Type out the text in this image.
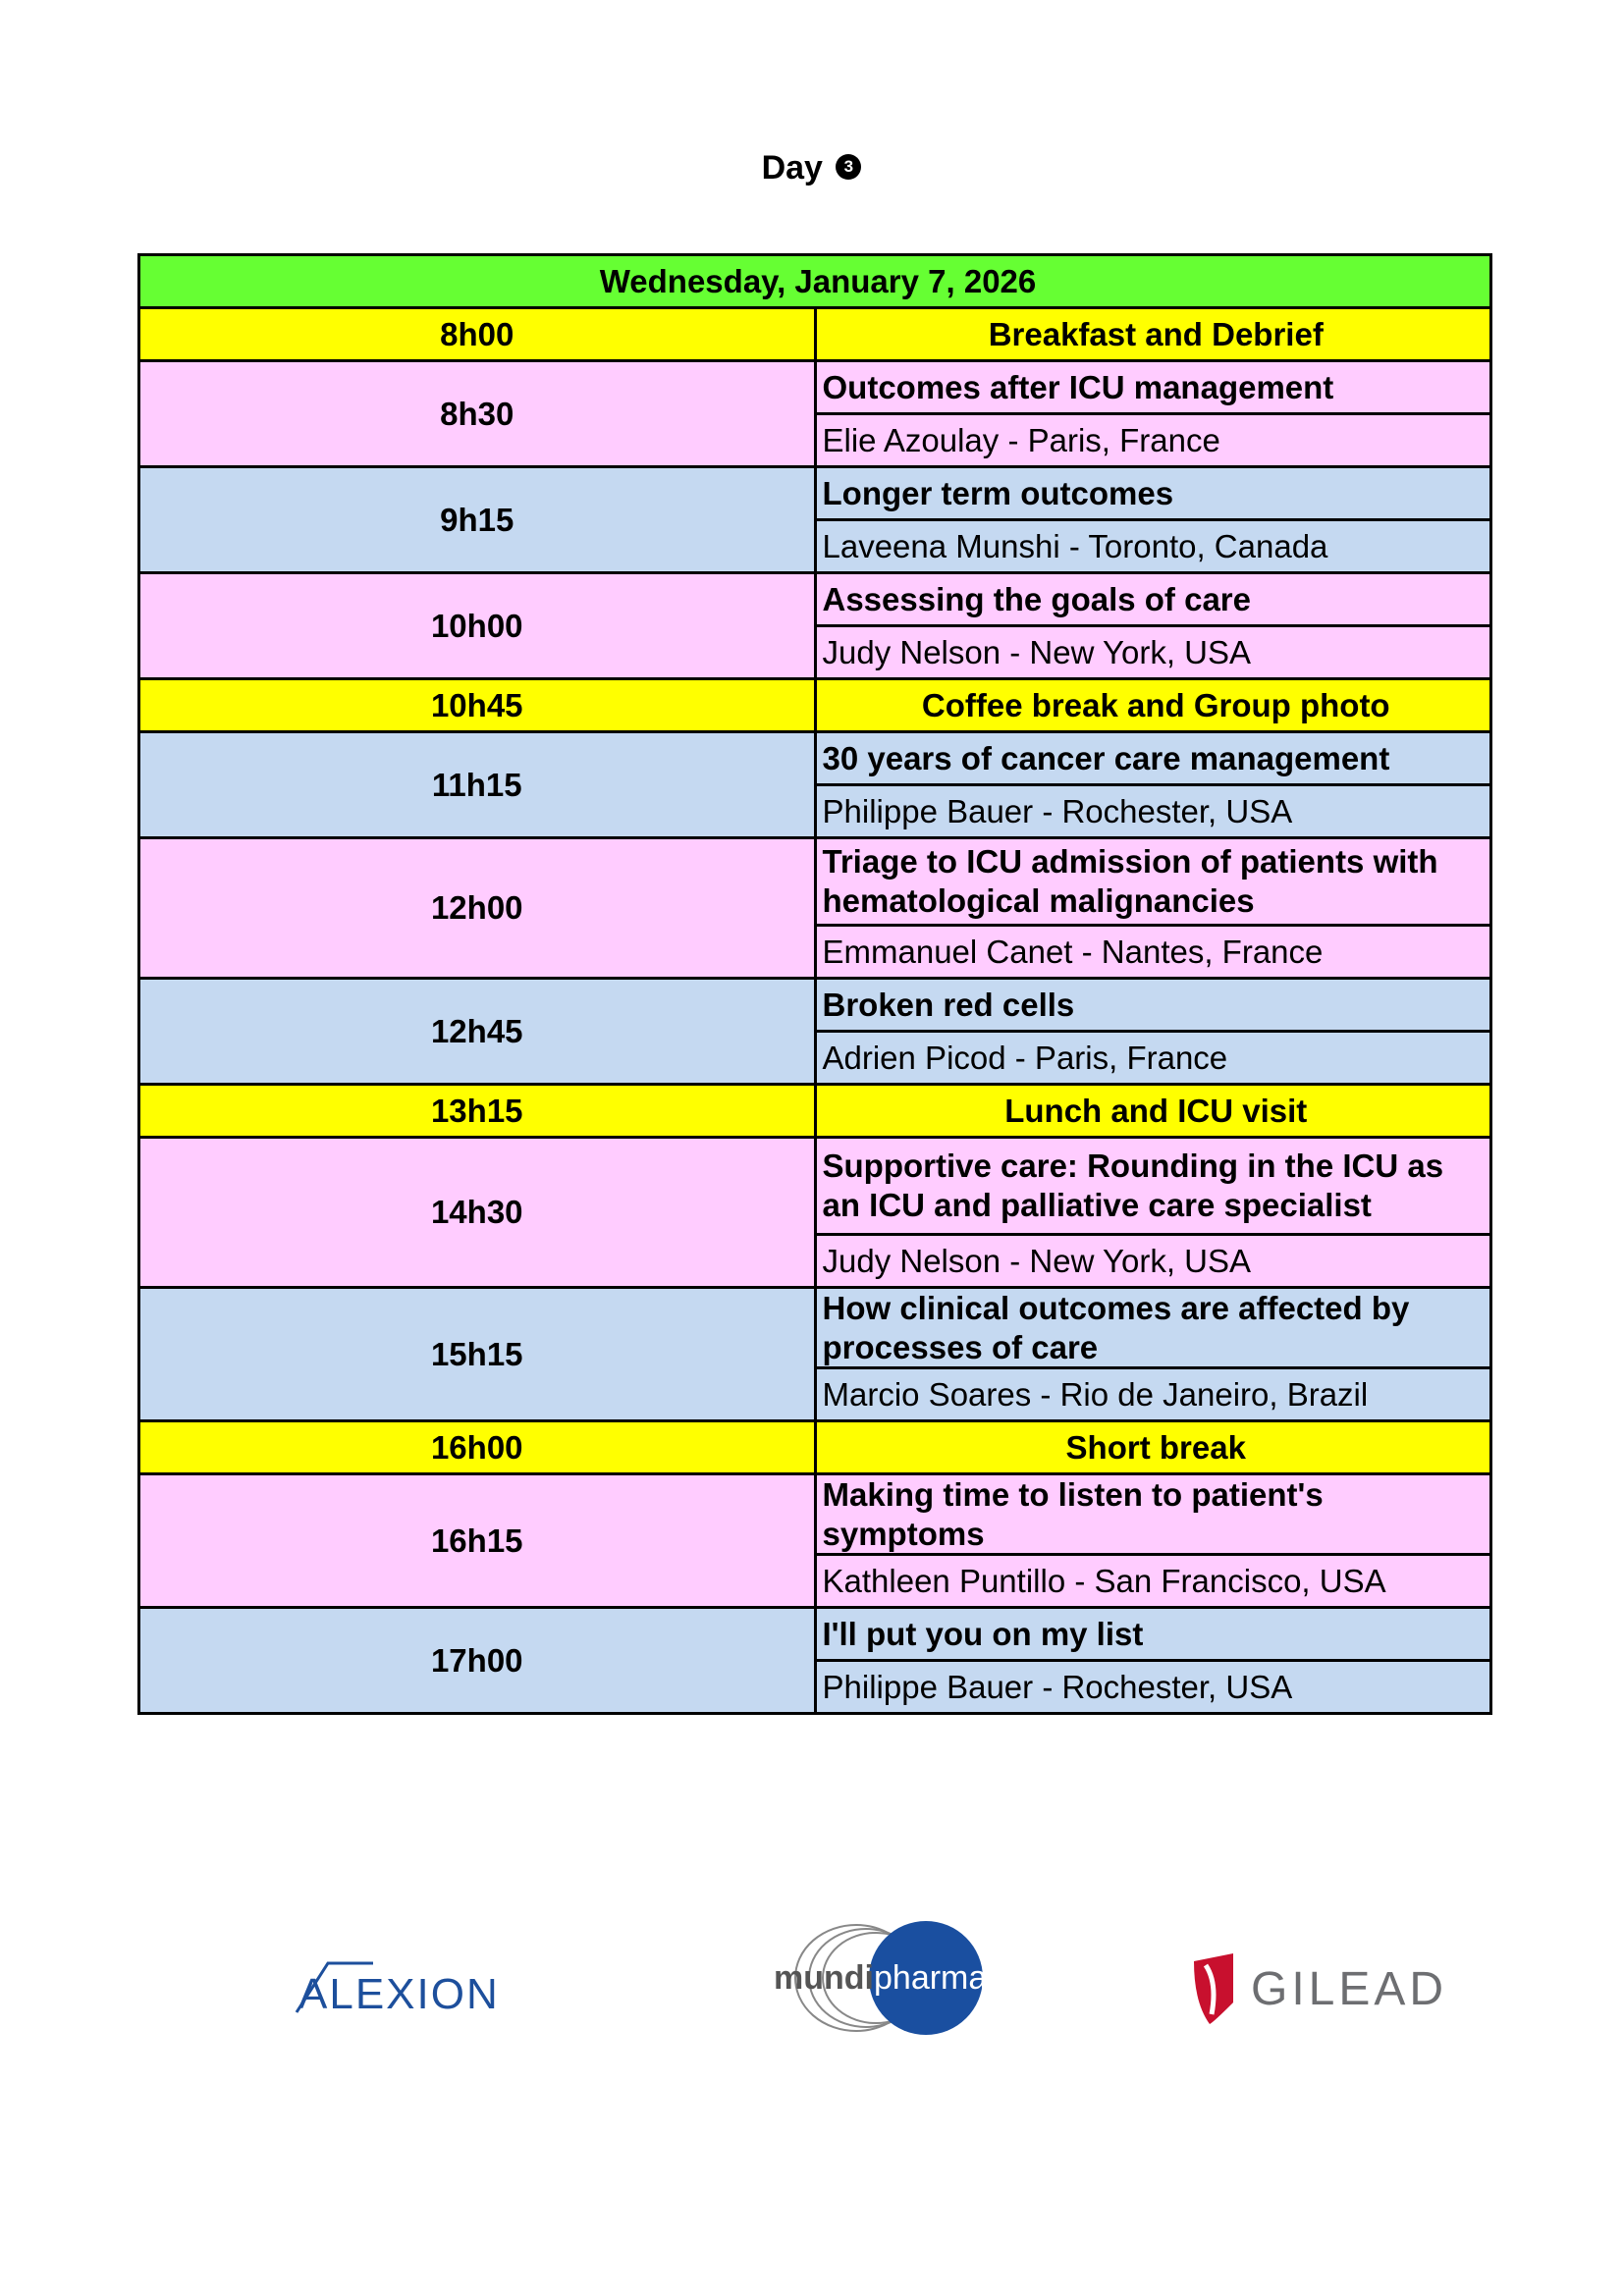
Day 3
Wednesday, January 7, 2026	
8h00	Breakfast and Debrief
8h30	Outcomes after ICU management
	Elie Azoulay - Paris, France
9h15	Longer term outcomes
	Laveena Munshi - Toronto, Canada
10h00	Assessing the goals of care
	Judy Nelson - New York, USA
10h45	Coffee break and Group photo
11h15	30 years of cancer care management
	Philippe Bauer - Rochester, USA
12h00	Triage to ICU admission of patients with hematological malignancies
	Emmanuel Canet - Nantes, France
12h45	Broken red cells
	Adrien Picod - Paris, France
13h15	Lunch and ICU visit
14h30	Supportive care: Rounding in the ICU as an ICU and palliative care specialist
	Judy Nelson - New York, USA
15h15	How clinical outcomes are affected by processes of care
	Marcio Soares - Rio de Janeiro, Brazil
16h00	Short break
16h15	Making time to listen to patient's symptoms
	Kathleen Puntillo - San Francisco, USA
17h00	I'll put you on my list
	Philippe Bauer - Rochester, USA
ALEXION	mundi pharma	GILEAD
